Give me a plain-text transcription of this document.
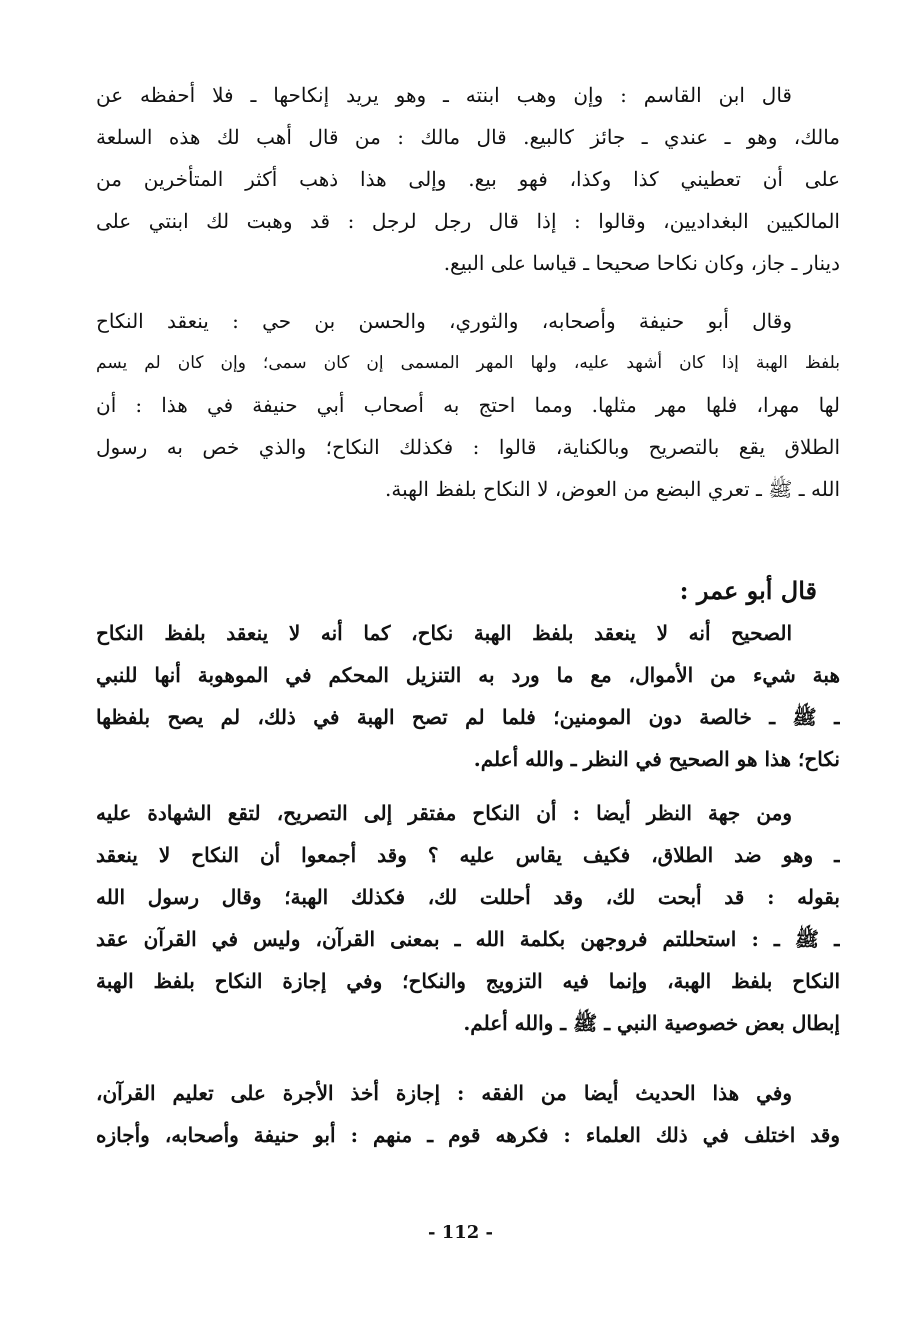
قال ابن القاسم : وإن وهب ابنته ـ وهو يريد إنكاحها ـ فلا أحفظه عن
مالك، وهو ـ عندي ـ جائز كالبيع. قال مالك : من قال أهب لك هذه السلعة
على أن تعطيني كذا وكذا، فهو بيع. وإلى هذا ذهب أكثر المتأخرين من
المالكيين البغداديين، وقالوا : إذا قال رجل لرجل : قد وهبت لك ابنتي على
دينار ـ جاز، وكان نكاحا صحيحا ـ قياسا على البيع.
وقال أبو حنيفة وأصحابه، والثوري، والحسن بن حي : ينعقد النكاح
بلفظ الهبة إذا كان أشهد عليه، ولها المهر المسمى إن كان سمى؛ وإن كان لم يسم
لها مهرا، فلها مهر مثلها. ومما احتج به أصحاب أبي حنيفة في هذا : أن
الطلاق يقع بالتصريح وبالكناية، قالوا : فكذلك النكاح؛ والذي خص به رسول
الله ـ ﷺ ـ تعري البضع من العوض، لا النكاح بلفظ الهبة.
قال أبو عمر :
الصحيح أنه لا ينعقد بلفظ الهبة نكاح، كما أنه لا ينعقد بلفظ النكاح
هبة شيء من الأموال، مع ما ورد به التنزيل المحكم في الموهوبة أنها للنبي
ـ ﷺ ـ خالصة دون المومنين؛ فلما لم تصح الهبة في ذلك، لم يصح بلفظها
نكاح؛ هذا هو الصحيح في النظر ـ والله أعلم.
ومن جهة النظر أيضا : أن النكاح مفتقر إلى التصريح، لتقع الشهادة عليه
ـ وهو ضد الطلاق، فكيف يقاس عليه ؟ وقد أجمعوا أن النكاح لا ينعقد
بقوله : قد أبحت لك، وقد أحللت لك، فكذلك الهبة؛ وقال رسول الله
ـ ﷺ ـ : استحللتم فروجهن بكلمة الله ـ بمعنى القرآن، وليس في القرآن عقد
النكاح بلفظ الهبة، وإنما فيه التزويج والنكاح؛ وفي إجازة النكاح بلفظ الهبة
إبطال بعض خصوصية النبي ـ ﷺ ـ والله أعلم.
وفي هذا الحديث أيضا من الفقه : إجازة أخذ الأجرة على تعليم القرآن،
وقد اختلف في ذلك العلماء : فكرهه قوم ـ منهم : أبو حنيفة وأصحابه، وأجازه
- 112 -
